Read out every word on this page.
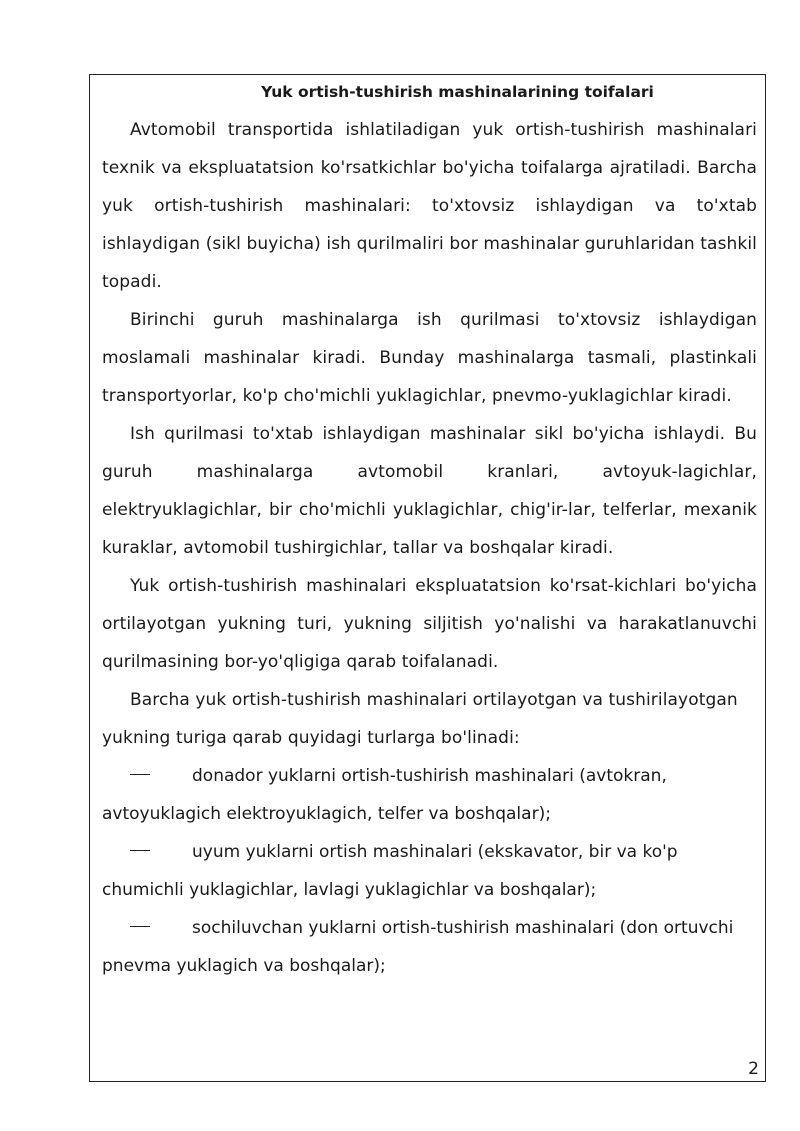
Yuk ortish-tushirish mashinalarining toifalari

Avtomobil transportida ishlatiladigan yuk ortish-tushirish mashinalari texnik va ekspluatatsion ko'rsatkichlar bo'yicha toifalarga ajratiladi. Barcha yuk ortish-tushirish mashinalari: to'xtovsiz ishlaydigan va to'xtab ishlaydigan (sikl buyicha) ish qurilmaliri bor mashinalar guruhlaridan tashkil topadi.

Birinchi guruh mashinalarga ish qurilmasi to'xtovsiz ishlaydigan moslamali mashinalar kiradi. Bunday mashinalarga tasmali, plastinkali transportyorlar, ko'p cho'michli yuklagichlar, pnevmo-yuklagichlar kiradi.

Ish qurilmasi to'xtab ishlaydigan mashinalar sikl bo'yicha ishlaydi. Bu guruh mashinalarga avtomobil kranlari, avtoyuk-lagichlar, elektryuklagichlar, bir cho'michli yuklagichlar, chig'ir-lar, telferlar, mexanik kuraklar, avtomobil tushirgichlar, tallar va boshqalar kiradi.

Yuk ortish-tushirish mashinalari ekspluatatsion ko'rsat-kichlari bo'yicha ortilayotgan yukning turi, yukning siljitish yo'nalishi va harakatlanuvchi qurilmasining bor-yo'qligiga qarab toifalanadi.

Barcha yuk ortish-tushirish mashinalari ortilayotgan va tushirilayotgan yukning turiga qarab quyidagi turlarga bo'linadi:

donador yuklarni ortish-tushirish mashinalari (avtokran,
avtoyuklagich elektroyuklagich, telfer va boshqalar);
uyum yuklarni ortish mashinalari (ekskavator, bir va ko'p
chumichli yuklagichlar, lavlagi yuklagichlar va boshqalar);
sochiluvchan yuklarni ortish-tushirish mashinalari (don ortuvchi
pnevma yuklagich va boshqalar);
2
